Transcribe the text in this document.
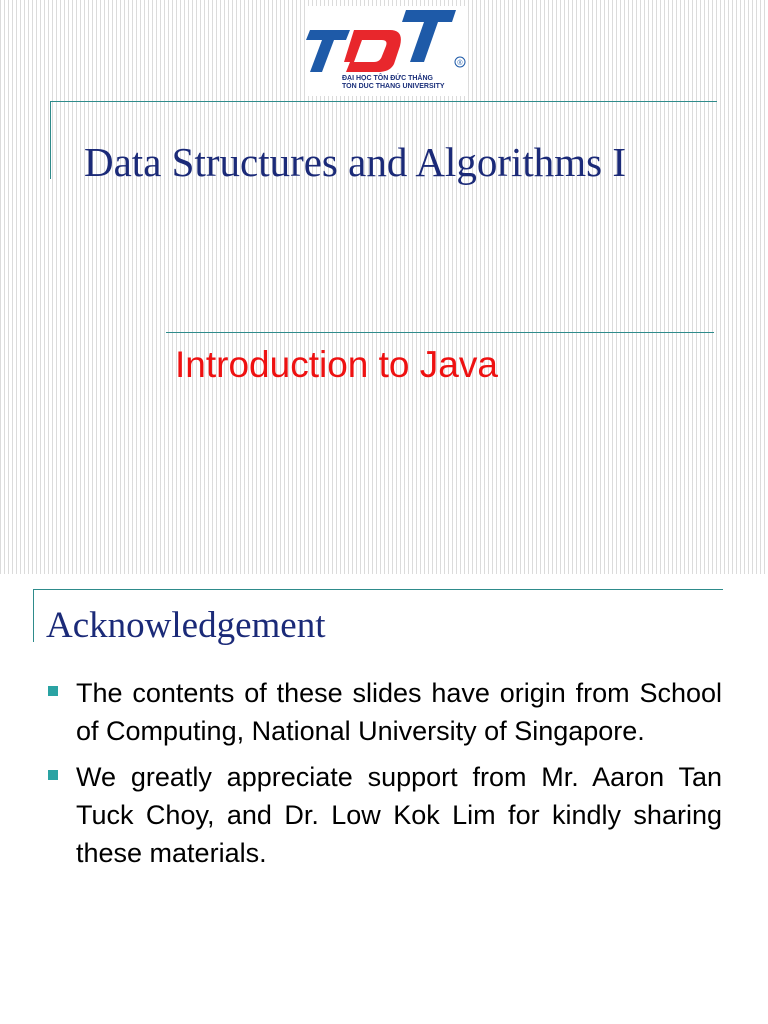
®
ĐẠI HỌC TÔN ĐỨC THẮNG
TON DUC THANG UNIVERSITY
Data Structures and Algorithms I
Introduction to Java
Acknowledgement
The contents of these slides have origin from School of Computing, National University of Singapore.
We greatly appreciate support from Mr. Aaron Tan Tuck Choy, and Dr. Low Kok Lim for kindly sharing these materials.
